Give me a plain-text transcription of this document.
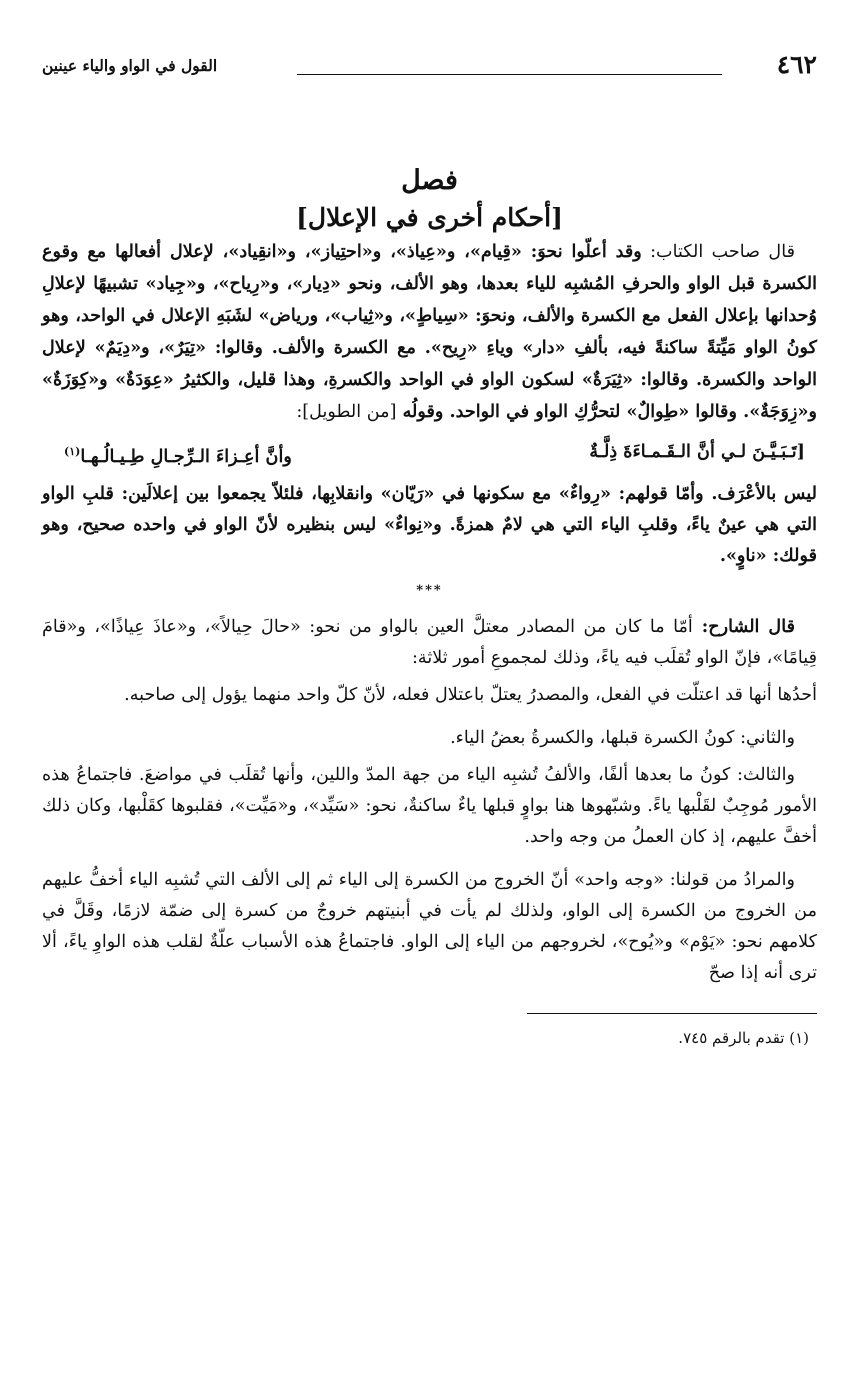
٤٦٢
القول في الواو والياء عينين
فصل
[أحكام أخرى في الإعلال]

قال صاحب الكتاب: وقد أعلّوا نحوَ: «قِيام»، و«عِياذ»، و«احتِياز»، و«انقِياد»، لإعلال أفعالها مع وقوع الكسرة قبل الواو والحرفِ المُشبِه للياء بعدها، وهو الألف، ونحو «دِيار»، و«رِياح»، و«جِياد» تشبيهًا لإعلالِ وُحدانها بإعلال الفعل مع الكسرة والألف، ونحوَ: «سِياطٍ»، و«ثِياب»، ورياض» لشَبَهِ الإعلال في الواحد، وهو كونُ الواو مَيِّتةً ساكنةً فيه، بألفِ «دار» وياءِ «رِيح». مع الكسرة والألف. وقالوا: «تِيَرٌ»، و«دِيَمٌ» لإعلال الواحد والكسرة. وقالوا: «ثِيَرَةٌ» لسكون الواو في الواحد والكسرةِ، وهذا قليل، والكثيرُ «عِوَدَةٌ» و«كِوَزَةٌ» و«زِوَجَةٌ». وقالوا «طِوالٌ» لتحرُّكِ الواو في الواحد. وقولُه [من الطويل]:

[تَـبَـيَّـنَ لـي أنَّ الـقَـمـاءَةَ ذِلَّـةٌ
وأنَّ أعِـزاءَ الـرِّجـالِ طِـيـالُـهـا$^{(١)}$

ليس بالأعْرَف. وأمّا قولهم: «رِواءٌ» مع سكونها في «رَيّان» وانقلابِها، فلئلاّ يجمعوا بين إعلالَين: قلبِ الواو التي هي عينٌ ياءً، وقلبِ الياء التي هي لامٌ همزةً. و«نِواءٌ» ليس بنظيره لأنّ الواو في واحده صحيح، وهو قولك: «ناوٍ».

***

قال الشارح: أمّا ما كان من المصادر معتلَّ العين بالواو من نحو: «حالَ حِيالاً»، و«عاذَ عِياذًا»، و«قامَ قِيامًا»، فإنّ الواو تُقلَب فيه ياءً، وذلك لمجموعِ أمور ثلاثة:

أحدُها أنها قد اعتلّت في الفعل، والمصدرُ يعتلّ باعتلال فعله، لأنّ كلّ واحد منهما يؤول إلى صاحبه.

والثاني: كونُ الكسرة قبلها، والكسرةُ بعضُ الياء.

والثالث: كونُ ما بعدها ألفًا، والألفُ تُشبِه الياء من جهة المدّ واللين، وأنها تُقلَب في مواضعَ. فاجتماعُ هذه الأمور مُوجِبٌ لقَلْبها ياءً. وشبّهوها هنا بواوٍ قبلها ياءٌ ساكنةٌ، نحو: «سَيِّد»، و«مَيِّت»، فقلبوها كقَلْبها، وكان ذلك أخفَّ عليهم، إذ كان العملُ من وجه واحد.

والمرادُ من قولنا: «وجه واحد» أنّ الخروج من الكسرة إلى الياء ثم إلى الألف التي تُشبِه الياء أخفُّ عليهم من الخروج من الكسرة إلى الواو، ولذلك لم يأت في أبنيتهم خروجٌ من كسرة إلى ضمّة لازمًا، وقَلَّ في كلامهم نحو: «يَوْم» و«يُوح»، لخروجهم من الياء إلى الواو. فاجتماعُ هذه الأسباب علّةٌ لقلب هذه الواوِ ياءً، ألا ترى أنه إذا صحّ

(١) تقدم بالرقم ٧٤٥.
